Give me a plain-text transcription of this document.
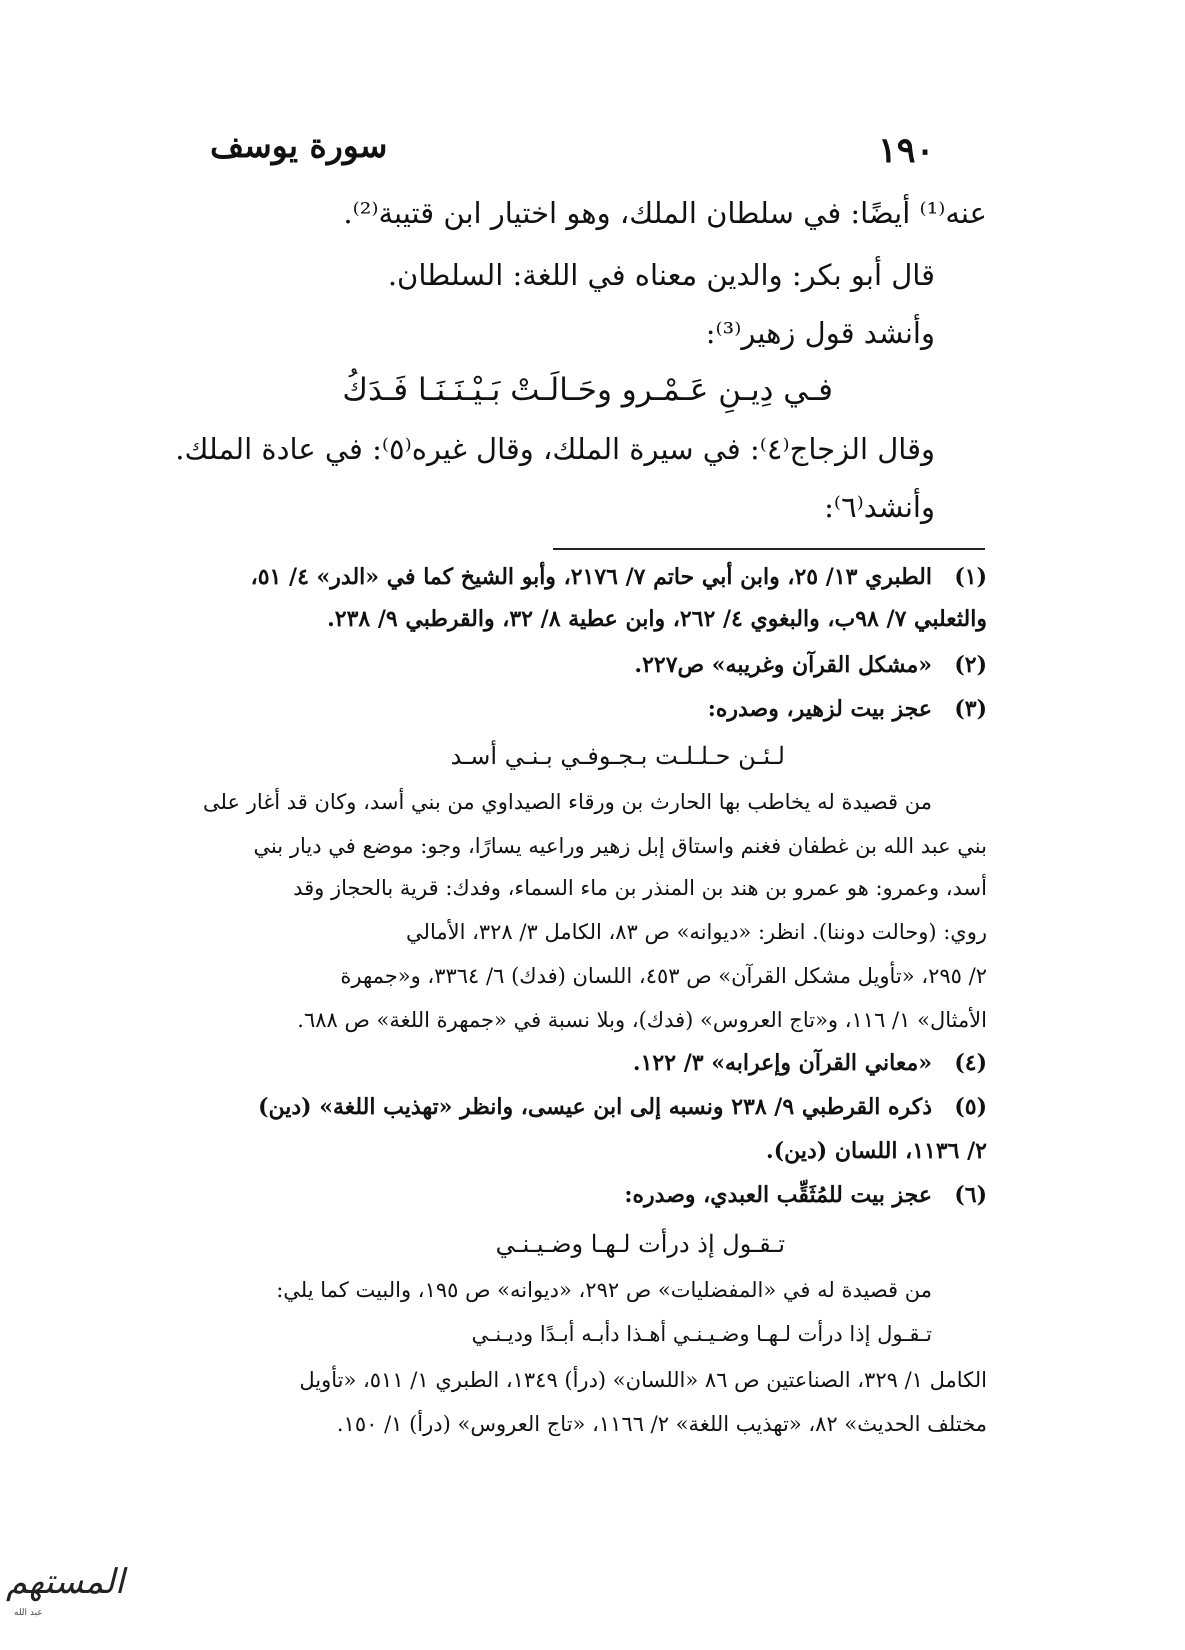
سورة يوسف	١٩٠
عنه⁽¹⁾ أيضًا: في سلطان الملك، وهو اختيار ابن قتيبة⁽²⁾.
قال أبو بكر: والدين معناه في اللغة: السلطان.
وأنشد قول زهير⁽³⁾:
فـي دِيـنِ عَـمْـرو وحَـالَـتْ بَـيْـنَـنَـا فَـدَكُ
وقال الزجاج⁽٤⁾: في سيرة الملك، وقال غيره⁽٥⁾: في عادة الملك.
وأنشد⁽٦⁾:
(١)
الطبري ١٣/ ٢٥، وابن أبي حاتم ٧/ ٢١٧٦، وأبو الشيخ كما في «الدر» ٤/ ٥١،
والثعلبي ٧/ ٩٨ب، والبغوي ٤/ ٢٦٢، وابن عطية ٨/ ٣٢، والقرطبي ٩/ ٢٣٨.
(٢)
«مشكل القرآن وغريبه» ص٢٢٧.
(٣)
عجز بيت لزهير، وصدره:
لـئـن حـلـلـت بـجـوفـي بـنـي أسـد
من قصيدة له يخاطب بها الحارث بن ورقاء الصيداوي من بني أسد، وكان قد أغار على
بني عبد الله بن غطفان فغنم واستاق إبل زهير وراعيه يسارًا، وجو: موضع في ديار بني
أسد، وعمرو: هو عمرو بن هند بن المنذر بن ماء السماء، وفدك: قرية بالحجاز وقد
روي: (وحالت دوننا). انظر: «ديوانه» ص ٨٣، الكامل ٣/ ٣٢٨، الأمالي
٢/ ٢٩٥، «تأويل مشكل القرآن» ص ٤٥٣، اللسان (فدك) ٦/ ٣٣٦٤، و«جمهرة
الأمثال» ١/ ١١٦، و«تاج العروس» (فدك)، وبلا نسبة في «جمهرة اللغة» ص ٦٨٨.
(٤)
«معاني القرآن وإعرابه» ٣/ ١٢٢.
(٥)
ذكره القرطبي ٩/ ٢٣٨ ونسبه إلى ابن عيسى، وانظر «تهذيب اللغة» (دين)
٢/ ١١٣٦، اللسان (دين).
(٦)
عجز بيت للمُثَقِّب العبدي، وصدره:
تـقـول إذ درأت لـهـا وضـيـنـي
من قصيدة له في «المفضليات» ص ٢٩٢، «ديوانه» ص ١٩٥، والبيت كما يلي:
تـقـول إذا درأت لـهـا وضـيـنـي أهـذا دأبـه أبـدًا وديـنـي
الكامل ١/ ٣٢٩، الصناعتين ص ٨٦ «اللسان» (درأ) ١٣٤٩، الطبري ١/ ٥١١، «تأويل
مختلف الحديث» ٨٢، «تهذيب اللغة» ٢/ ١١٦٦، «تاج العروس» (درأ) ١/ ١٥٠.
المستهم
عبد الله
